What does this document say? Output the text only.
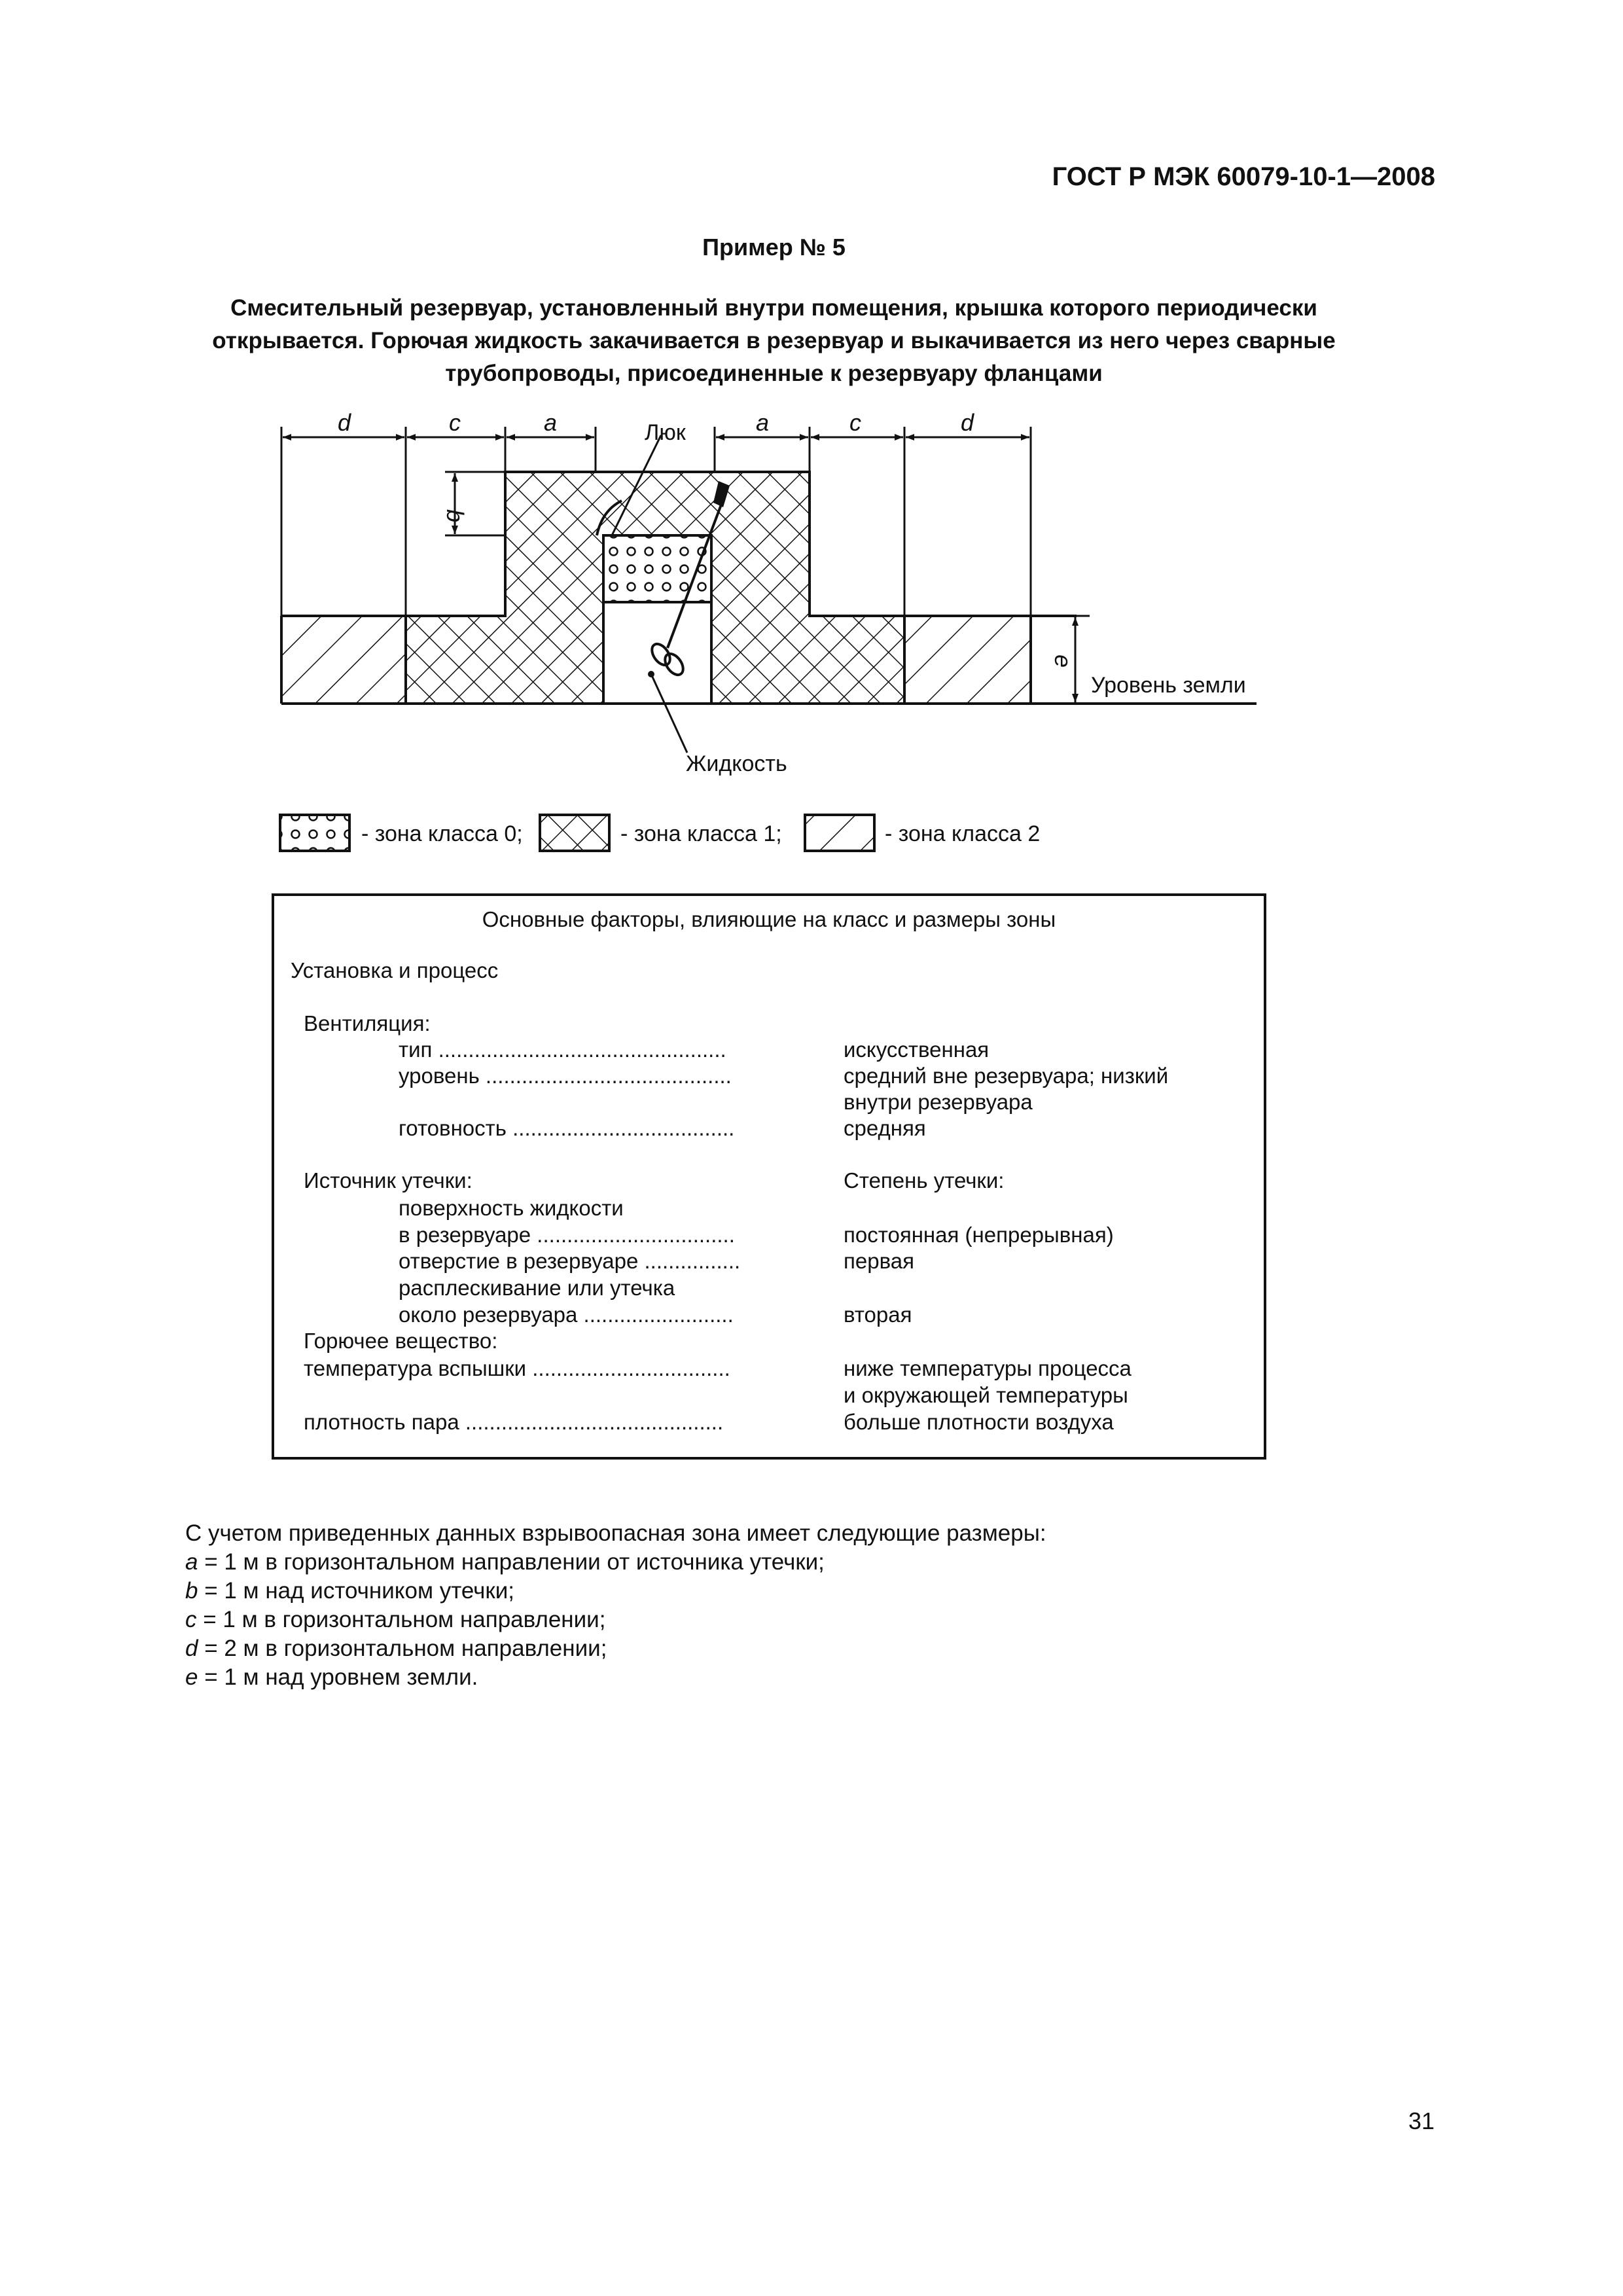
ГОСТ Р МЭК 60079-10-1—2008
Пример № 5
Смесительный резервуар, установленный внутри помещения, крышка которого периодически
открывается. Горючая жидкость закачивается в резервуар и выкачивается из него через сварные
трубопроводы, присоединенные к резервуару фланцами
d	c	a	Люк	a	c	d
b
e
Уровень земли
Жидкость
- зона класса 0;	- зона класса 1;	- зона класса 2
Основные факторы, влияющие на класс и размеры зоны
Установка и процесс
Вентиляция:
тип ................................................	искусственная
уровень .........................................	средний вне резервуара; низкий
внутри резервуара
готовность .....................................	средняя
Источник утечки:	Степень утечки:
поверхность жидкости
в резервуаре .................................	постоянная (непрерывная)
отверстие в резервуаре ................	первая
расплескивание или утечка
около резервуара .........................	вторая
Горючее вещество:
температура вспышки .................................	ниже температуры процесса
и окружающей температуры
плотность пара ...........................................	больше плотности воздуха
С учетом приведенных данных взрывоопасная зона имеет следующие размеры:
a = 1 м в горизонтальном направлении от источника утечки;
b = 1 м над источником утечки;
c = 1 м в горизонтальном направлении;
d = 2 м в горизонтальном направлении;
e = 1 м над уровнем земли.
31
